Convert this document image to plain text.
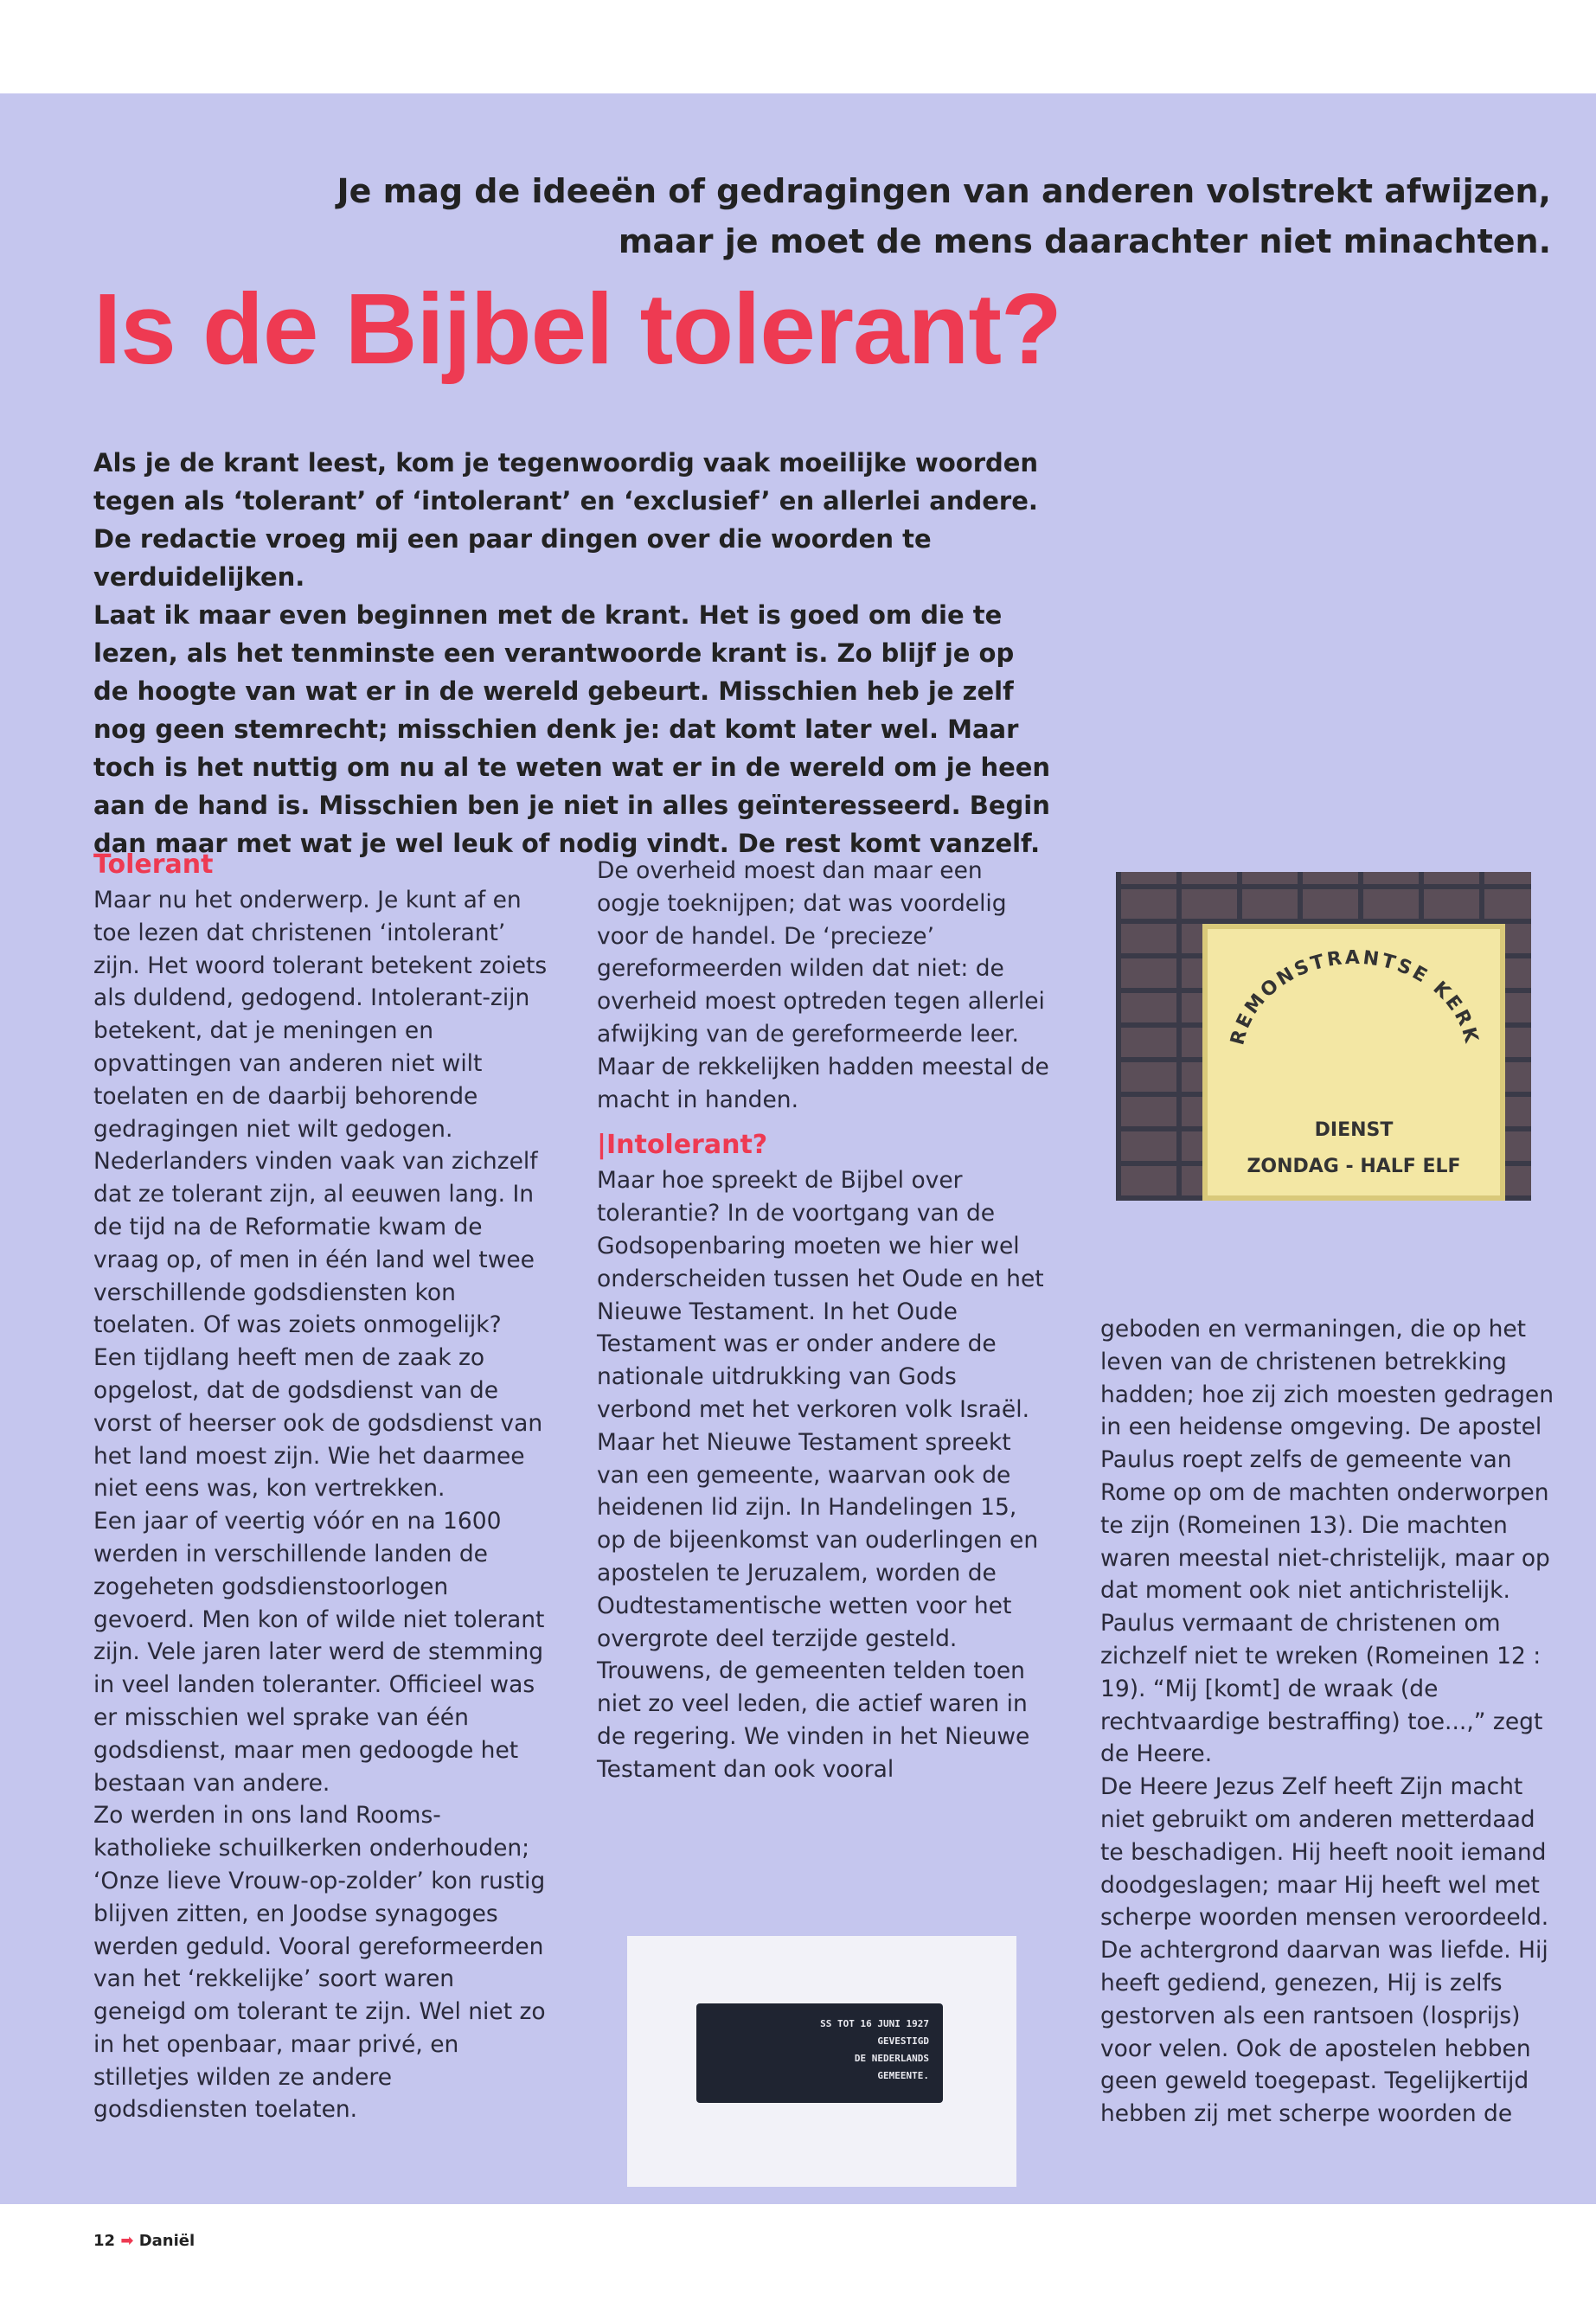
Je mag de ideeën of gedragingen van anderen volstrekt afwijzen,
maar je moet de mens daarachter niet minachten.
Is de Bijbel tolerant?

Als je de krant leest, kom je tegenwoordig vaak moeilijke woorden tegen als ‘tolerant’ of ‘intolerant’ en ‘exclusief’ en allerlei andere. De redactie vroeg mij een paar dingen over die woorden te verduidelijken.

Laat ik maar even beginnen met de krant. Het is goed om die te lezen, als het tenminste een verantwoorde krant is. Zo blijf je op de hoogte van wat er in de wereld gebeurt. Misschien heb je zelf nog geen stemrecht; misschien denk je: dat komt later wel. Maar toch is het nuttig om nu al te weten wat er in de wereld om je heen aan de hand is. Misschien ben je niet in alles geïnteresseerd. Begin dan maar met wat je wel leuk of nodig vindt. De rest komt vanzelf.

Tolerant

Maar nu het onderwerp. Je kunt af en toe lezen dat christenen ‘intolerant’ zijn. Het woord tolerant betekent zoiets als duldend, gedogend. Intolerant-zijn betekent, dat je meningen en opvattingen van anderen niet wilt toelaten en de daarbij behorende gedragingen niet wilt gedogen.

Nederlanders vinden vaak van zichzelf dat ze tolerant zijn, al eeuwen lang. In de tijd na de Reformatie kwam de vraag op, of men in één land wel twee verschillende godsdiensten kon toelaten. Of was zoiets onmogelijk? Een tijdlang heeft men de zaak zo opgelost, dat de godsdienst van de vorst of heerser ook de godsdienst van het land moest zijn. Wie het daarmee niet eens was, kon vertrekken.

Een jaar of veertig vóór en na 1600 werden in verschillende landen de zogeheten godsdienstoorlogen gevoerd. Men kon of wilde niet tolerant zijn. Vele jaren later werd de stemming in veel landen toleranter. Officieel was er misschien wel sprake van één godsdienst, maar men gedoogde het bestaan van andere.

Zo werden in ons land Rooms-katholieke schuilkerken onderhouden; ‘Onze lieve Vrouw-op-zolder’ kon rustig blijven zitten, en Joodse synagoges werden geduld. Vooral gereformeerden van het ‘rekkelijke’ soort waren geneigd om tolerant te zijn. Wel niet zo in het openbaar, maar privé, en stilletjes wilden ze andere godsdiensten toelaten.

De overheid moest dan maar een oogje toeknijpen; dat was voordelig voor de handel. De ‘precieze’ gereformeerden wilden dat niet: de overheid moest optreden tegen allerlei afwijking van de gereformeerde leer. Maar de rekkelijken hadden meestal de macht in handen.

|Intolerant?

Maar hoe spreekt de Bijbel over tolerantie? In de voortgang van de Godsopenbaring moeten we hier wel onderscheiden tussen het Oude en het Nieuwe Testament. In het Oude Testament was er onder andere de nationale uitdrukking van Gods verbond met het verkoren volk Israël. Maar het Nieuwe Testament spreekt van een gemeente, waarvan ook de heidenen lid zijn. In Handelingen 15, op de bijeenkomst van ouderlingen en apostelen te Jeruzalem, worden de Oudtestamentische wetten voor het overgrote deel terzijde gesteld. Trouwens, de gemeenten telden toen niet zo veel leden, die actief waren in de regering. We vinden in het Nieuwe Testament dan ook vooral

REMONSTRANTSE KERK
DIENST
ZONDAG - HALF ELF

geboden en vermaningen, die op het leven van de christenen betrekking hadden; hoe zij zich moesten gedragen in een heidense omgeving. De apostel Paulus roept zelfs de gemeente van Rome op om de machten onderworpen te zijn (Romeinen 13). Die machten waren meestal niet-christelijk, maar op dat moment ook niet antichristelijk. Paulus vermaant de christenen om zichzelf niet te wreken (Romeinen 12 : 19). “Mij [komt] de wraak (de rechtvaardige bestraffing) toe...,” zegt de Heere.

De Heere Jezus Zelf heeft Zijn macht niet gebruikt om anderen metterdaad te beschadigen. Hij heeft nooit iemand doodgeslagen; maar Hij heeft wel met scherpe woorden mensen veroordeeld. De achtergrond daarvan was liefde. Hij heeft gediend, genezen, Hij is zelfs gestorven als een rantsoen (losprijs) voor velen. Ook de apostelen hebben geen geweld toegepast. Tegelijkertijd hebben zij met scherpe woorden de

SS TOT 16 JUNI 1927

GEVESTIGD

DE NEDERLANDS

GEMEENTE.

12 ➡ Daniël
